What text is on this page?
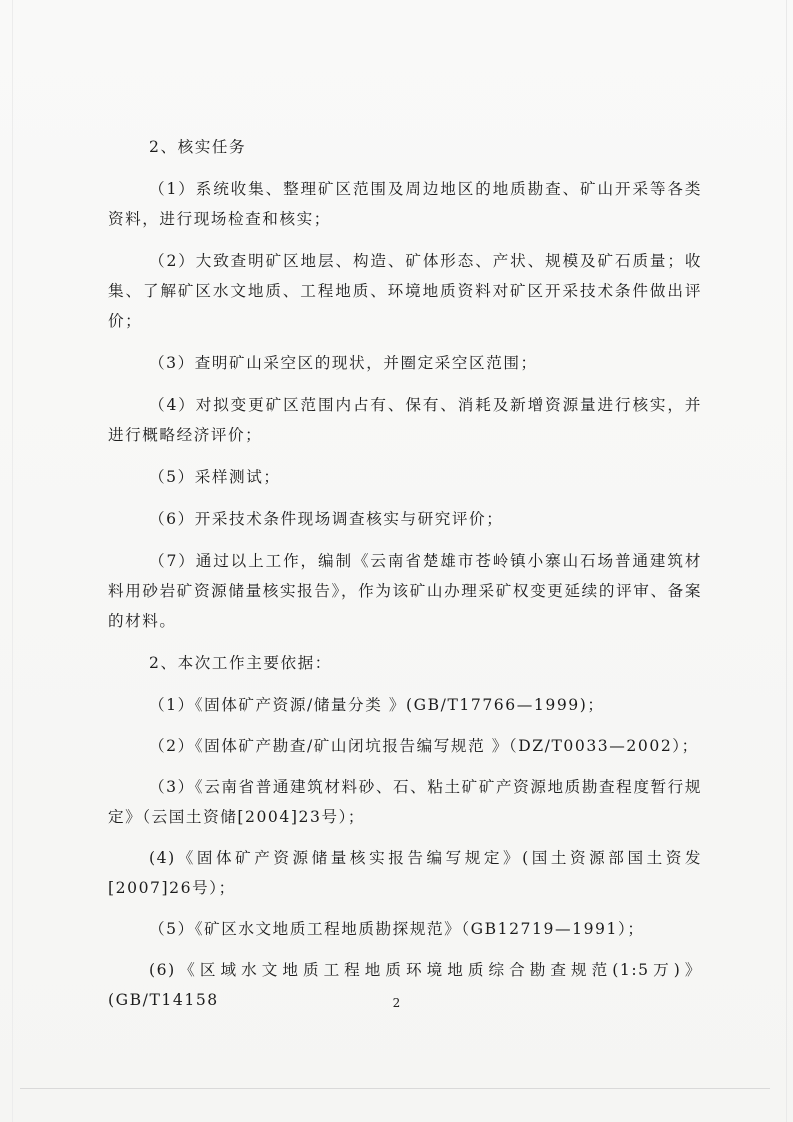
2、核实任务

（1）系统收集、整理矿区范围及周边地区的地质勘查、矿山开采等各类资料，进行现场检查和核实；

（2）大致查明矿区地层、构造、矿体形态、产状、规模及矿石质量；收集、了解矿区水文地质、工程地质、环境地质资料对矿区开采技术条件做出评价；

（3）查明矿山采空区的现状，并圈定采空区范围；

（4）对拟变更矿区范围内占有、保有、消耗及新增资源量进行核实，并进行概略经济评价；

（5）采样测试；

（6）开采技术条件现场调查核实与研究评价；

（7）通过以上工作，编制《云南省楚雄市苍岭镇小寨山石场普通建筑材料用砂岩矿资源储量核实报告》，作为该矿山办理采矿权变更延续的评审、备案的材料。

2、本次工作主要依据：

（1）《固体矿产资源/储量分类 》(GB/T17766—1999)；

（2）《固体矿产勘查/矿山闭坑报告编写规范 》（DZ/T0033—2002）；

（3）《云南省普通建筑材料砂、石、粘土矿矿产资源地质勘查程度暂行规定》（云国土资储[2004]23号）；

(4)《固体矿产资源储量核实报告编写规定》(国土资源部国土资发[2007]26号）；

（5）《矿区水文地质工程地质勘探规范》（GB12719—1991）；

(6)《区域水文地质工程地质环境地质综合勘查规范(1:5万)》(GB/T14158	2
